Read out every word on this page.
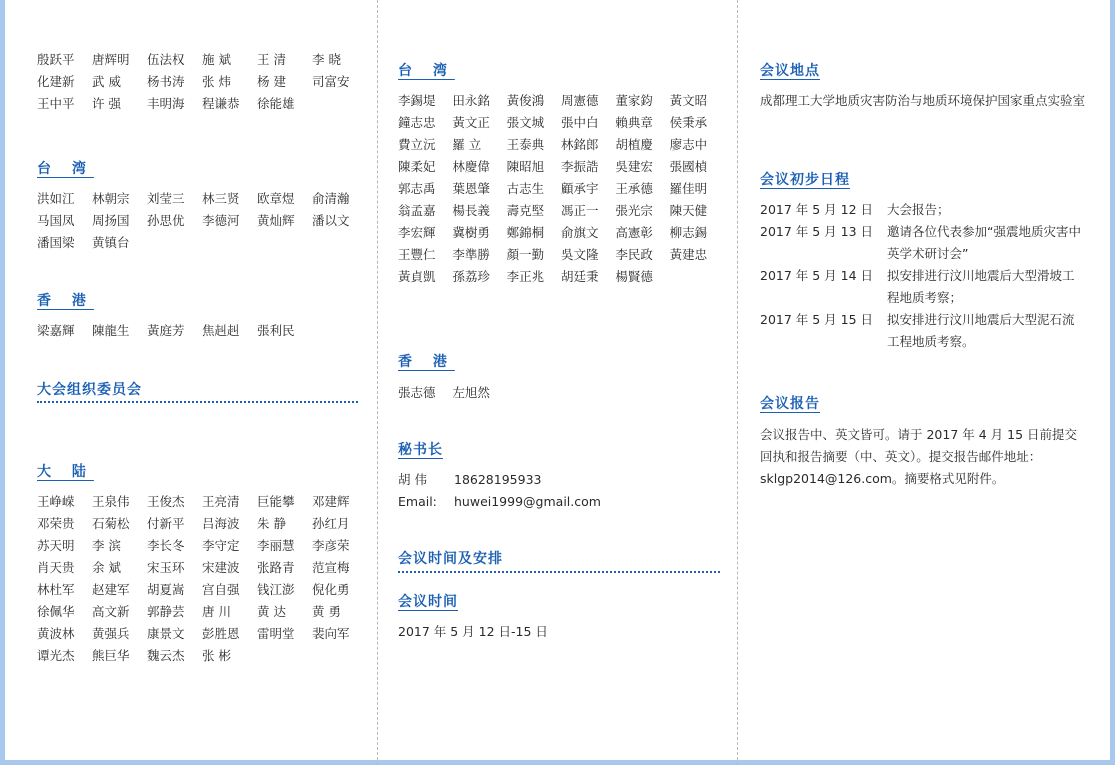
殷跃平	唐辉明	伍法权	施 斌	王 清	李 晓
化建新	武 威	杨书涛	张 炜	杨 建	司富安
王中平	许 强	丰明海	程谦恭	徐能雄
台 湾
洪如江	林朝宗	刘莹三	林三贤	欧章煜	俞清瀚
马国凤	周扬国	孙思优	李德河	黄灿辉	潘以文
潘国梁	黄镇台
香 港
梁嘉輝	陳龍生	黃庭芳	焦赳赳	張利民
大会组织委员会
大 陆
王峥嵘	王泉伟	王俊杰	王亮清	巨能攀	邓建辉
邓荣贵	石菊松	付新平	吕海波	朱 静	孙红月
苏天明	李 滨	李长冬	李守定	李丽慧	李彦荣
肖天贵	余 斌	宋玉环	宋建波	张路青	范宣梅
林杜军	赵建军	胡夏嵩	宫自强	钱江澎	倪化勇
徐佩华	高文新	郭静芸	唐 川	黄 达	黄 勇
黄波林	黄强兵	康景文	彭胜恩	雷明堂	裴向军
谭光杰	熊巨华	魏云杰	张 彬
台 湾
李錫堤	田永銘	黃俊鴻	周憲德	董家鈞	黃文昭
鐘志忠	黃文正	張文城	張中白	賴典章	侯秉承
費立沅	羅 立	王泰典	林銘郎	胡植慶	廖志中
陳柔妃	林慶偉	陳昭旭	李振誥	吳建宏	張國楨
郭志禹	葉恩肇	古志生	顧承宇	王承德	羅佳明
翁孟嘉	楊長義	壽克堅	馮正一	張光宗	陳天健
李宏輝	冀樹勇	鄭錦桐	俞旗文	高憲彰	柳志錫
王豐仁	李準勝	顏一勤	吳文隆	李民政	黃建忠
黃貞凱	孫荔珍	李正兆	胡廷秉	楊賢德
香 港
張志德	左旭然
秘书长
胡 伟 18628195933
Email: huwei1999@gmail.com
会议时间及安排
会议时间
2017 年 5 月 12 日-15 日
会议地点
成都理工大学地质灾害防治与地质环境保护国家重点实验室
会议初步日程
2017 年 5 月 12 日	大会报告；
2017 年 5 月 13 日	邀请各位代表参加“强震地质灾害中英学术研讨会”
2017 年 5 月 14 日	拟安排进行汶川地震后大型滑坡工程地质考察；
2017 年 5 月 15 日	拟安排进行汶川地震后大型泥石流工程地质考察。
会议报告
会议报告中、英文皆可。请于 2017 年 4 月 15 日前提交回执和报告摘要（中、英文）。提交报告邮件地址：sklgp2014@126.com。摘要格式见附件。
